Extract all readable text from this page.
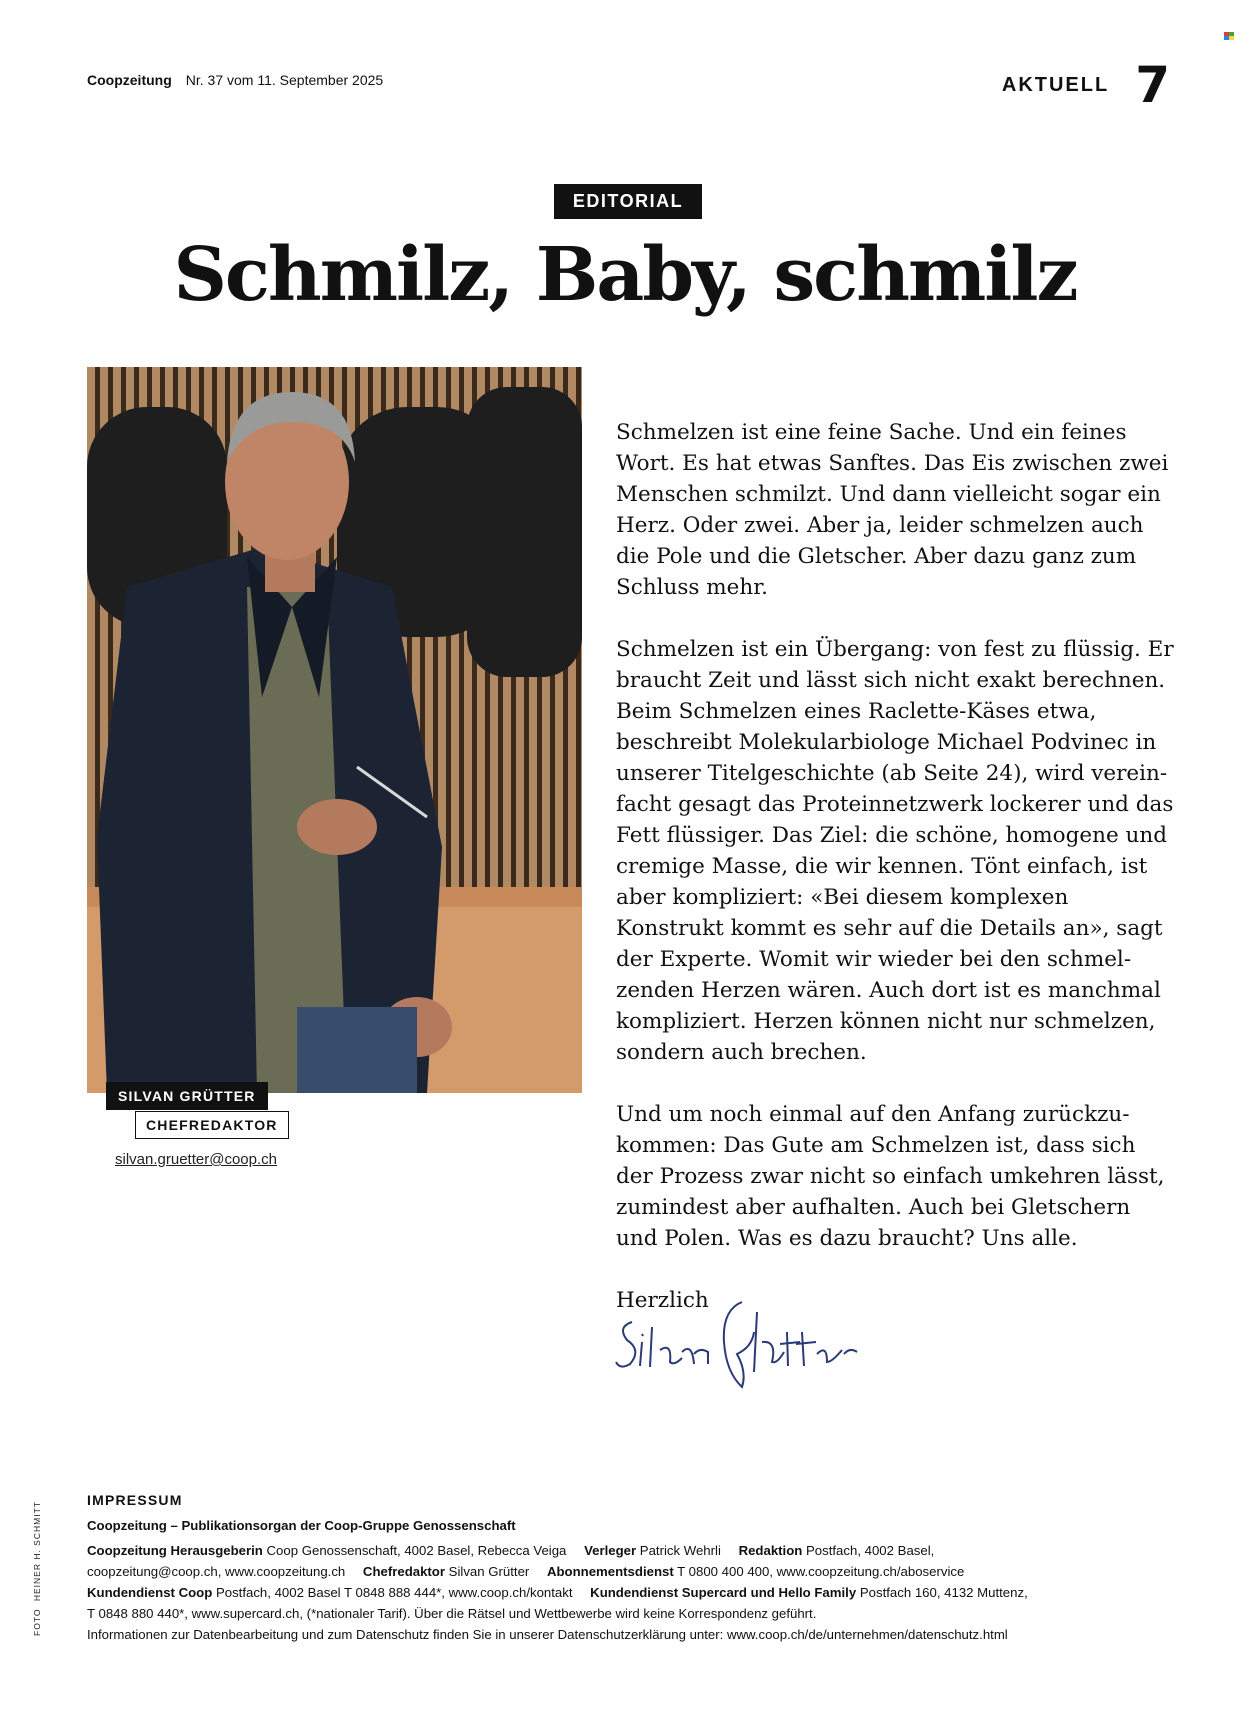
Coopzeitung Nr. 37 vom 11. September 2025	AKTUELL 7
EDITORIAL
Schmilz, Baby, schmilz
SILVAN GRÜTTER
CHEFREDAKTOR
silvan.gruetter@coop.ch

Schmelzen ist eine feine Sache. Und ein feines Wort. Es hat etwas Sanftes. Das Eis zwischen zwei Menschen schmilzt. Und dann vielleicht sogar ein Herz. Oder zwei. Aber ja, leider schmelzen auch die Pole und die Gletscher. Aber dazu ganz zum Schluss mehr.

Schmelzen ist ein Übergang: von fest zu flüssig. Er braucht Zeit und lässt sich nicht exakt berechnen. Beim Schmelzen eines Raclette-Käses etwa, beschreibt Molekularbiologe Michael Podvinec in unserer Titelgeschichte (ab Seite 24), wird vereinfacht gesagt das Proteinnetzwerk lockerer und das Fett flüssiger. Das Ziel: die schöne, homogene und cremige Masse, die wir kennen. Tönt einfach, ist aber kompliziert: «Bei diesem komplexen Konstrukt kommt es sehr auf die Details an», sagt der Experte. Womit wir wieder bei den schmelzenden Herzen wären. Auch dort ist es manchmal kompliziert. Herzen können nicht nur schmelzen, sondern auch brechen.

Und um noch einmal auf den Anfang zurückzukommen: Das Gute am Schmelzen ist, dass sich der Prozess zwar nicht so einfach umkehren lässt, zumindest aber aufhalten. Auch bei Gletschern und Polen. Was es dazu braucht? Uns alle.

Herzlich

FOTO HEINER H. SCHMITT
IMPRESSUM
Coopzeitung – Publikationsorgan der Coop-Gruppe Genossenschaft
Coopzeitung Herausgeberin Coop Genossenschaft, 4002 Basel, Rebecca Veiga Verleger Patrick Wehrli Redaktion Postfach, 4002 Basel,
coopzeitung@coop.ch, www.coopzeitung.ch Chefredaktor Silvan Grütter Abonnementsdienst T 0800 400 400, www.coopzeitung.ch/aboservice
Kundendienst Coop Postfach, 4002 Basel T 0848 888 444*, www.coop.ch/kontakt Kundendienst Supercard und Hello Family Postfach 160, 4132 Muttenz,
T 0848 880 440*, www.supercard.ch, (*nationaler Tarif). Über die Rätsel und Wettbewerbe wird keine Korrespondenz geführt.
Informationen zur Datenbearbeitung und zum Datenschutz finden Sie in unserer Datenschutzerklärung unter: www.coop.ch/de/unternehmen/datenschutz.html
